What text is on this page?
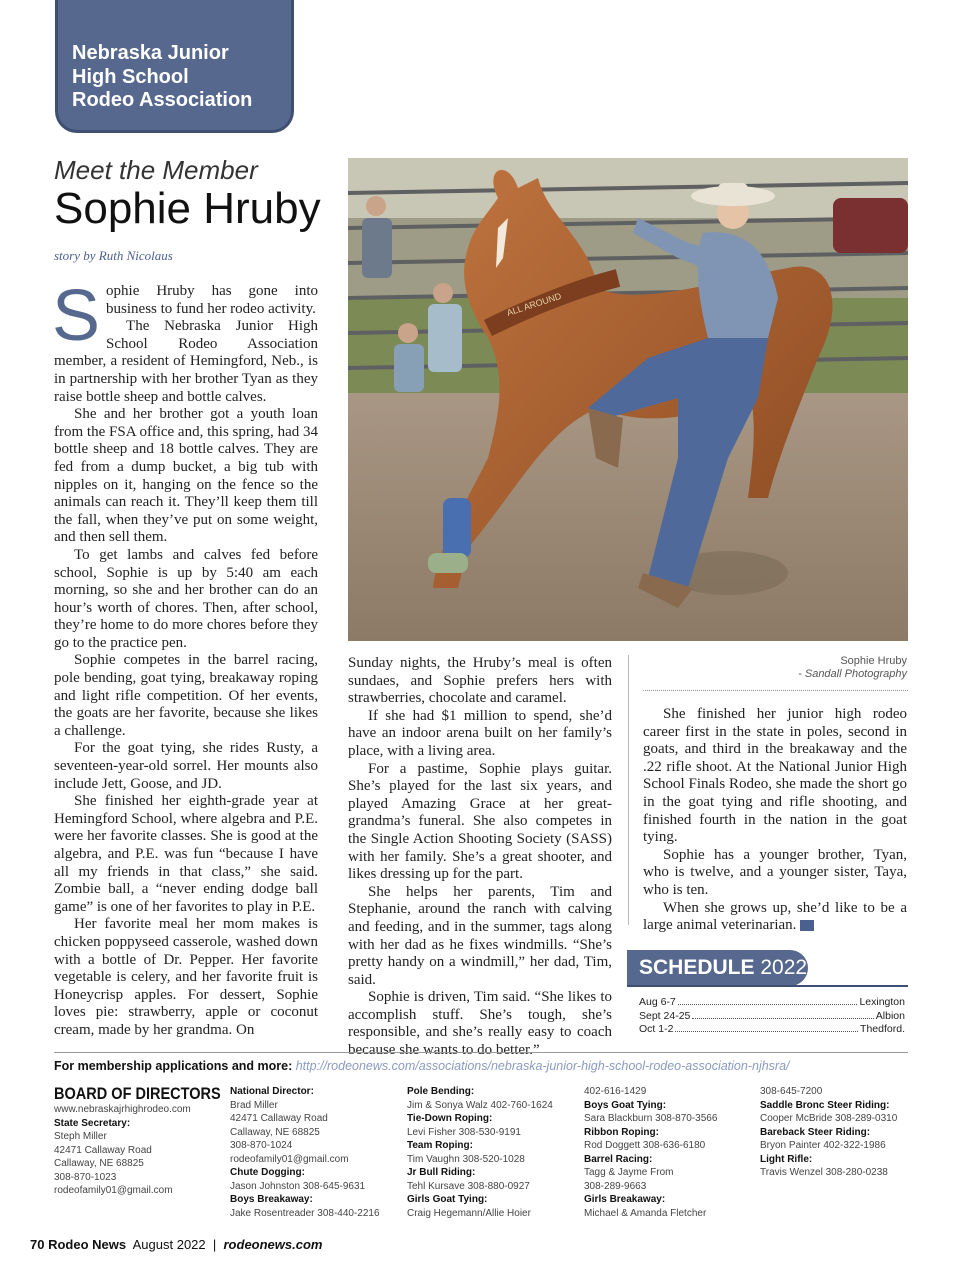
Nebraska Junior
High School
Rodeo Association
Meet the Member
Sophie Hruby
story by Ruth Nicolaus

Sophie Hruby has gone into business to fund her rodeo activity.

The Nebraska Junior High School Rodeo Association member, a resident of Hemingford, Neb., is in partnership with her brother Tyan as they raise bottle sheep and bottle calves.

She and her brother got a youth loan from the FSA office and, this spring, had 34 bottle sheep and 18 bottle calves. They are fed from a dump bucket, a big tub with nipples on it, hanging on the fence so the animals can reach it. They’ll keep them till the fall, when they’ve put on some weight, and then sell them.

To get lambs and calves fed before school, Sophie is up by 5:40 am each morning, so she and her brother can do an hour’s worth of chores. Then, after school, they’re home to do more chores before they go to the practice pen.

Sophie competes in the barrel racing, pole bending, goat tying, breakaway roping and light rifle competition. Of her events, the goats are her favorite, because she likes a challenge.

For the goat tying, she rides Rusty, a seventeen-year-old sorrel. Her mounts also include Jett, Goose, and JD.

She finished her eighth-grade year at Hemingford School, where algebra and P.E. were her favorite classes. She is good at the algebra, and P.E. was fun “because I have all my friends in that class,” she said. Zombie ball, a “never ending dodge ball game” is one of her favorites to play in P.E.

Her favorite meal her mom makes is chicken poppyseed casserole, washed down with a bottle of Dr. Pepper. Her favorite vegetable is celery, and her favorite fruit is Honeycrisp apples. For dessert, Sophie loves pie: strawberry, apple or coconut cream, made by her grandma. On

ALL AROUND

Sunday nights, the Hruby’s meal is often sundaes, and Sophie prefers hers with strawberries, chocolate and caramel.

If she had $1 million to spend, she’d have an indoor arena built on her family’s place, with a living area.

For a pastime, Sophie plays guitar. She’s played for the last six years, and played Amazing Grace at her great-grandma’s funeral. She also competes in the Single Action Shooting Society (SASS) with her family. She’s a great shooter, and likes dressing up for the part.

She helps her parents, Tim and Stephanie, around the ranch with calving and feeding, and in the summer, tags along with her dad as he fixes windmills. “She’s pretty handy on a windmill,” her dad, Tim, said.

Sophie is driven, Tim said. “She likes to accomplish stuff. She’s tough, she’s responsible, and she’s really easy to coach because she wants to do better.”

Sophie Hruby
- Sandall Photography

She finished her junior high rodeo career first in the state in poles, second in goats, and third in the breakaway and the .22 rifle shoot. At the National Junior High School Finals Rodeo, she made the short go in the goat tying and rifle shooting, and finished fourth in the nation in the goat tying.

Sophie has a younger brother, Tyan, who is twelve, and a younger sister, Taya, who is ten.

When she grows up, she’d like to be a large animal veterinarian.

SCHEDULE 2022
Aug 6-7	Lexington
Sept 24-25	Albion
Oct 1-2	Thedford.
For membership applications and more: http://rodeonews.com/associations/nebraska-junior-high-school-rodeo-association-njhsra/
BOARD OF DIRECTORS
www.nebraskajrhighrodeo.com
State Secretary:
Steph Miller
42471 Callaway Road
Callaway, NE 68825
308-870-1023
rodeofamily01@gmail.com
National Director:
Brad Miller
42471 Callaway Road
Callaway, NE 68825
308-870-1024
rodeofamily01@gmail.com
Chute Dogging:
Jason Johnston 308-645-9631
Boys Breakaway:
Jake Rosentreader 308-440-2216
Pole Bending:
Jim & Sonya Walz 402-760-1624
Tie-Down Roping:
Levi Fisher 308-530-9191
Team Roping:
Tim Vaughn 308-520-1028
Jr Bull Riding:
Tehl Kursave 308-880-0927
Girls Goat Tying:
Craig Hegemann/Allie Hoier
402-616-1429
Boys Goat Tying:
Sara Blackburn 308-870-3566
Ribbon Roping:
Rod Doggett 308-636-6180
Barrel Racing:
Tagg & Jayme From
308-289-9663
Girls Breakaway:
Michael & Amanda Fletcher
308-645-7200
Saddle Bronc Steer Riding:
Cooper McBride 308-289-0310
Bareback Steer Riding:
Bryon Painter 402-322-1986
Light Rifle:
Travis Wenzel 308-280-0238
70 Rodeo News August 2022 | rodeonews.com
